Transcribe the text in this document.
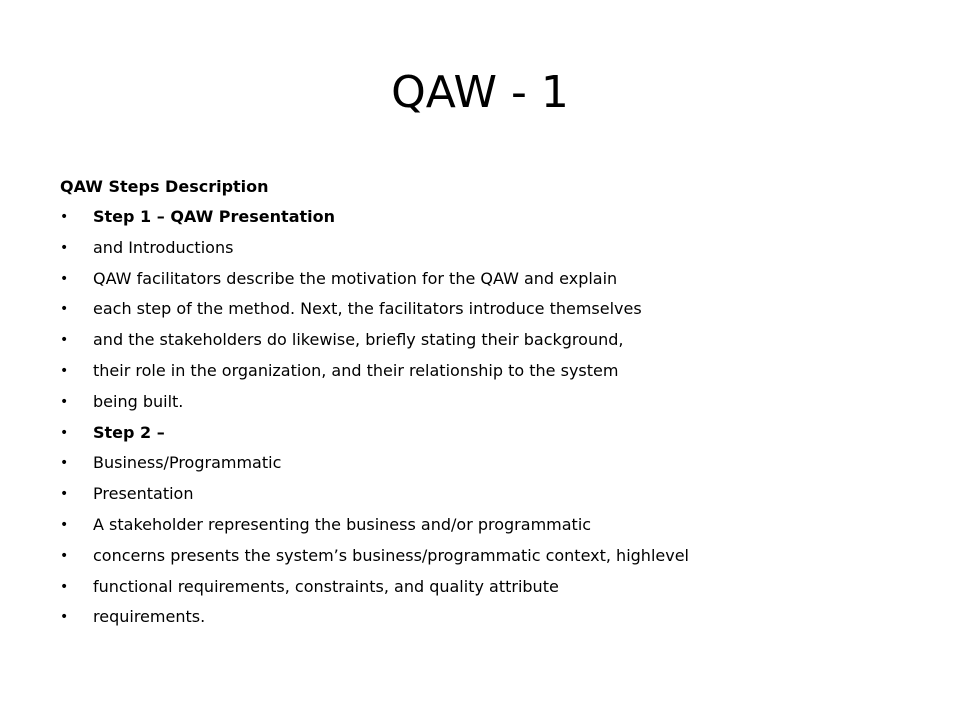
QAW - 1
QAW Steps Description
• Step 1 – QAW Presentation
• and Introductions
• QAW facilitators describe the motivation for the QAW and explain
• each step of the method. Next, the facilitators introduce themselves
• and the stakeholders do likewise, briefly stating their background,
• their role in the organization, and their relationship to the system
• being built.
• Step 2 –
• Business/Programmatic
• Presentation
• A stakeholder representing the business and/or programmatic
• concerns presents the system’s business/programmatic context, highlevel
• functional requirements, constraints, and quality attribute
• requirements.
